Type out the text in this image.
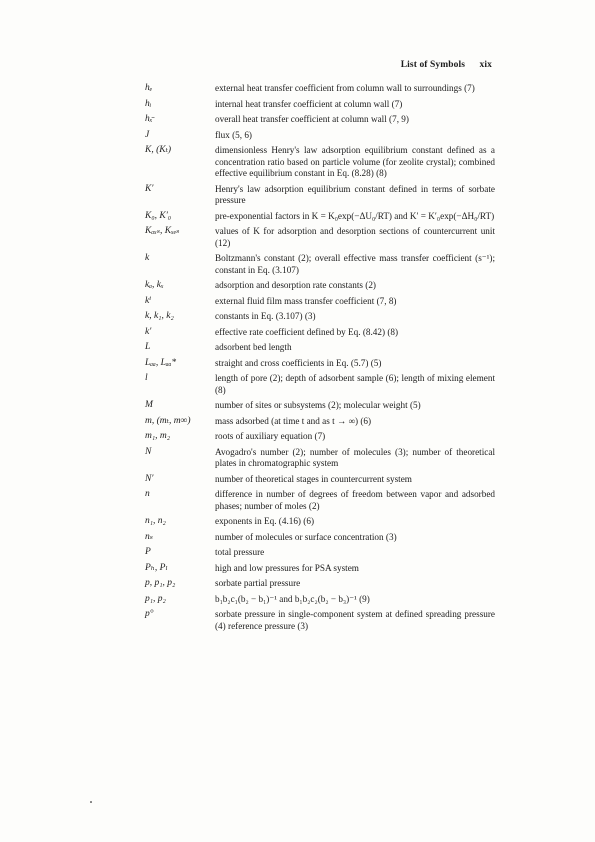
List of Symbols xix
hₑ	external heat transfer coefficient from column wall to surroundings (7)
hᵢ	internal heat transfer coefficient at column wall (7)
hₓ̵	overall heat transfer coefficient at column wall (7, 9)
J	flux (5, 6)
K, (Kₜ)	dimensionless Henry's law adsorption equilibrium constant defined as a concentration ratio based on particle volume (for zeolite crystal); combined effective equilibrium constant in Eq. (8.28) (8)
K′	Henry's law adsorption equilibrium constant defined in terms of sorbate pressure
K₀, K′₀	pre-exponential factors in K = K₀exp(−ΔU₀/RT) and K′ = K′₀exp(−ΔH₀/RT)
Kₐₓₛ, Kₓₑₛ	values of K for adsorption and desorption sections of countercurrent unit (12)
k	Boltzmann's constant (2); overall effective mass transfer coefficient (s⁻¹); constant in Eq. (3.107)
kₐ, kₓ	adsorption and desorption rate constants (2)
kⁱ	external fluid film mass transfer coefficient (7, 8)
k, k₁, k₂	constants in Eq. (3.107) (3)
k′	effective rate coefficient defined by Eq. (8.42) (8)
L	adsorbent bed length
Lₐₐ, Lₐₐ*	straight and cross coefficients in Eq. (5.7) (5)
l	length of pore (2); depth of adsorbent sample (6); length of mixing element (8)
M	number of sites or subsystems (2); molecular weight (5)
m, (mₜ, m∞)	mass adsorbed (at time t and as t → ∞) (6)
m₁, m₂	roots of auxiliary equation (7)
N	Avogadro's number (2); number of molecules (3); number of theoretical plates in chromatographic system
N′	number of theoretical stages in countercurrent system
n	difference in number of degrees of freedom between vapor and adsorbed phases; number of moles (2)
n₁, n₂	exponents in Eq. (4.16) (6)
nₛ	number of molecules or surface concentration (3)
P	total pressure
Pₕ, Pₗ	high and low pressures for PSA system
p, p₁, p₂	sorbate partial pressure
p₁, p₂	b₁b₂c₁(b₂ − b₁)⁻¹ and b₁b₂c₂(b₂ − b₃)⁻¹ (9)
p°	sorbate pressure in single-component system at defined spreading pressure (4) reference pressure (3)
